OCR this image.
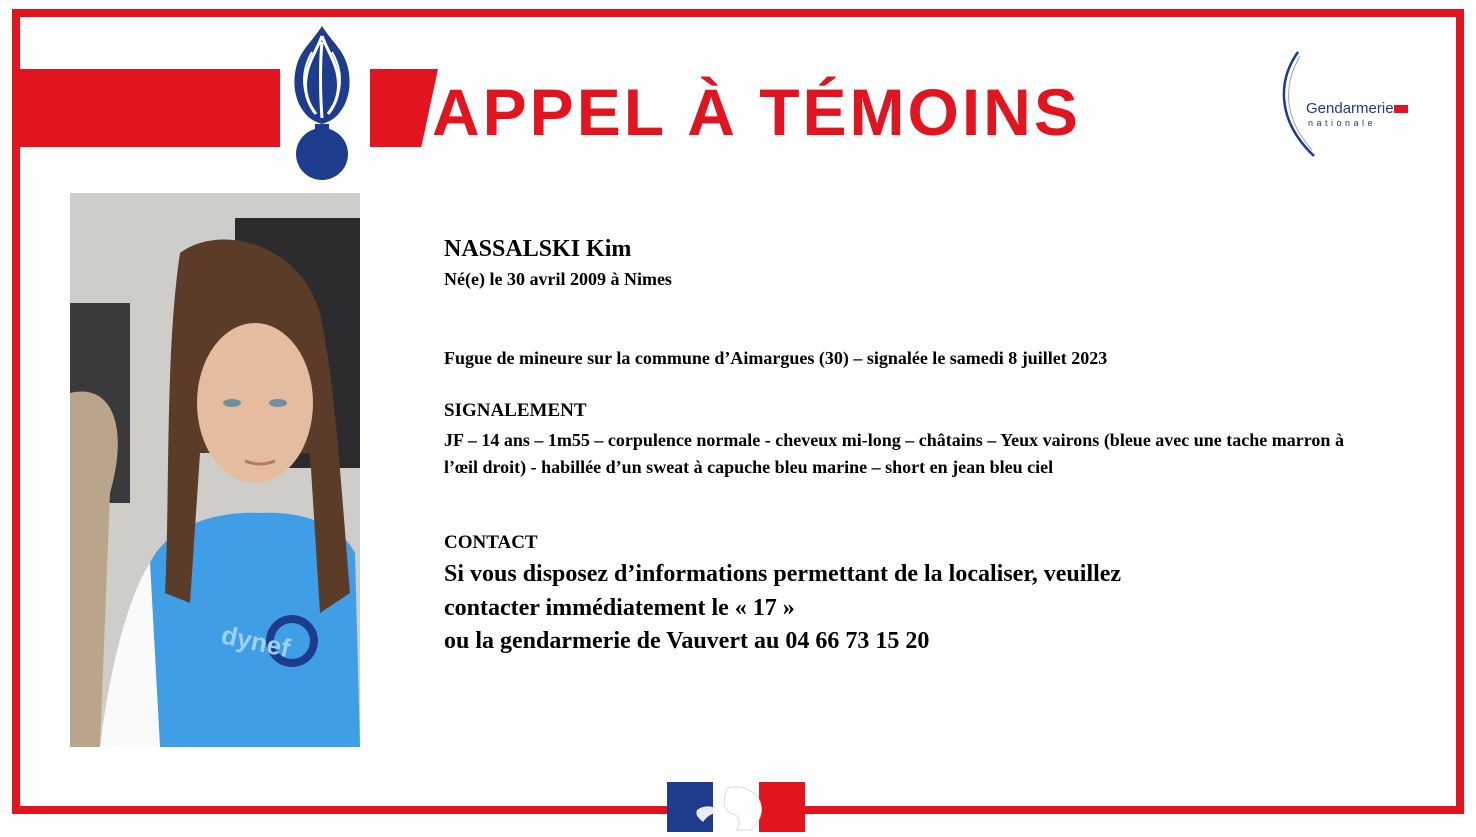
APPEL À TÉMOINS	Gendarmerie
nationale
dynef
NASSALSKI Kim
Né(e) le 30 avril 2009 à Nimes
Fugue de mineure sur la commune d’Aimargues (30) – signalée le samedi 8 juillet 2023
SIGNALEMENT
JF – 14 ans – 1m55 – corpulence normale - cheveux mi-long – châtains – Yeux vairons (bleue avec une tache marron à l’œil droit) - habillée d’un sweat à capuche bleu marine – short en jean bleu ciel
CONTACT
Si vous disposez d’informations permettant de la localiser, veuillez
contacter immédiatement le « 17 »
ou la gendarmerie de Vauvert au 04 66 73 15 20
